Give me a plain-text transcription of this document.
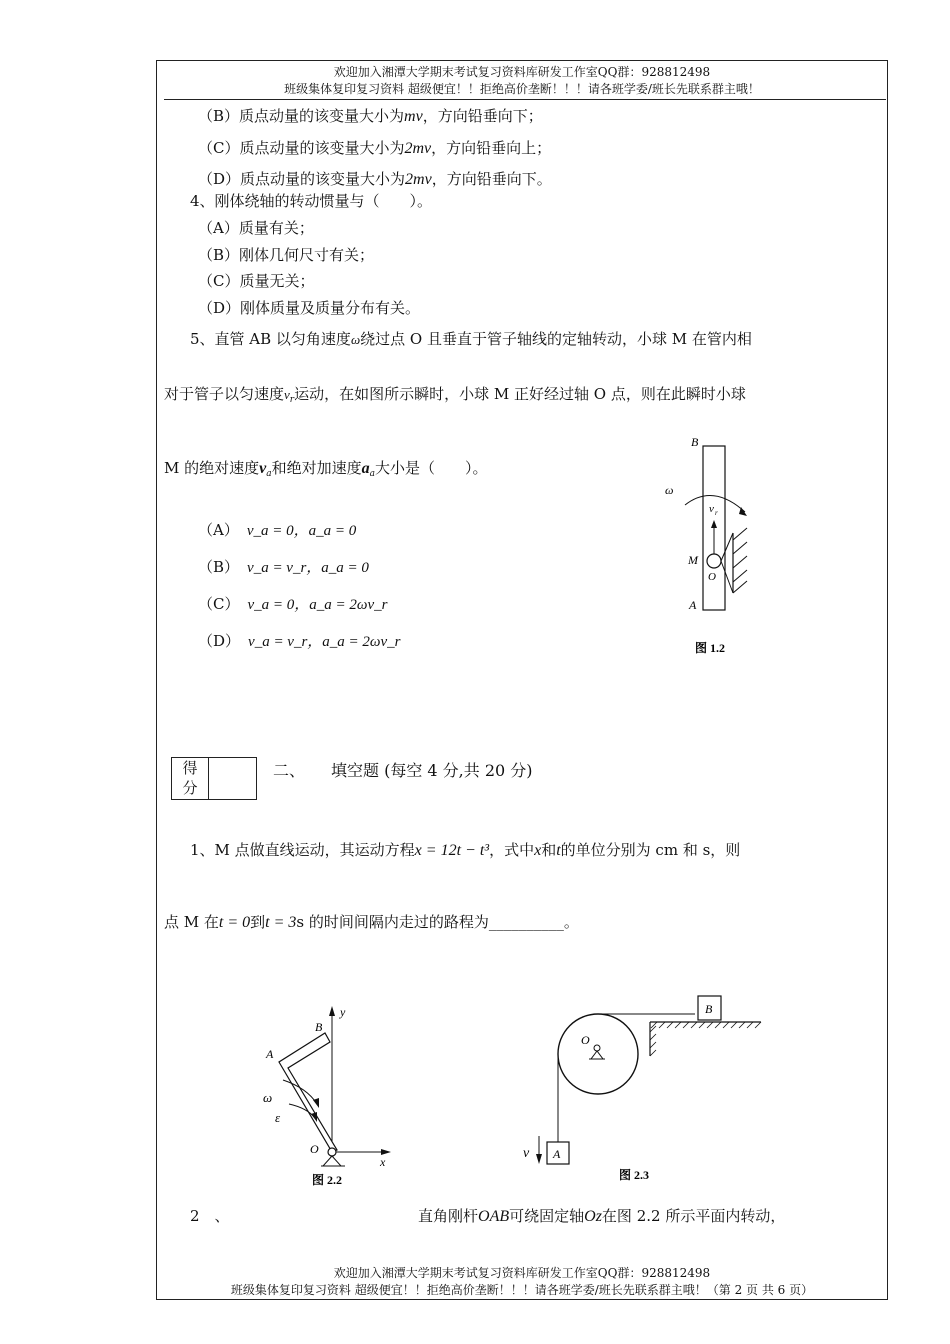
欢迎加入湘潭大学期末考试复习资料库研发工作室QQ群：928812498
班级集体复印复习资料 超级便宜！！拒绝高价垄断！！！请各班学委/班长先联系群主哦！
（B）质点动量的该变量大小为mv，方向铅垂向下；
（C）质点动量的该变量大小为2mv，方向铅垂向上；
（D）质点动量的该变量大小为2mv，方向铅垂向下。
4、刚体绕轴的转动惯量与（　　）。
（A）质量有关；
（B）刚体几何尺寸有关；
（C）质量无关；
（D）刚体质量及质量分布有关。
5、直管 AB 以匀角速度ω绕过点 O 且垂直于管子轴线的定轴转动，小球 M 在管内相
对于管子以匀速度$v_r$运动，在如图所示瞬时，小球 M 正好经过轴 O 点，则在此瞬时小球
M 的绝对速度$v_a$和绝对加速度$a_a$大小是（　　）。
（A） v_a = 0，a_a = 0
（B） v_a = v_r，a_a = 0
（C） v_a = 0，a_a = 2ωv_r
（D） v_a = v_r，a_a = 2ωv_r
B
A
M
O
v r
ω
图 1.2
得
分
二、 填空题 (每空 4 分,共 20 分)
1、M 点做直线运动，其运动方程x = 12t − t³，式中x和t的单位分别为 cm 和 s，则
点 M 在t = 0到t = 3s 的时间间隔内走过的路程为__________。
y
x
B
A
ω
ε
O
图 2.2
O
B
A
v
图 2.3
2　、	直角刚杆OAB可绕固定轴Oz在图 2.2 所示平面内转动，
欢迎加入湘潭大学期末考试复习资料库研发工作室QQ群：928812498
班级集体复印复习资料 超级便宜！！拒绝高价垄断！！！请各班学委/班长先联系群主哦！（第 2 页 共 6 页）
